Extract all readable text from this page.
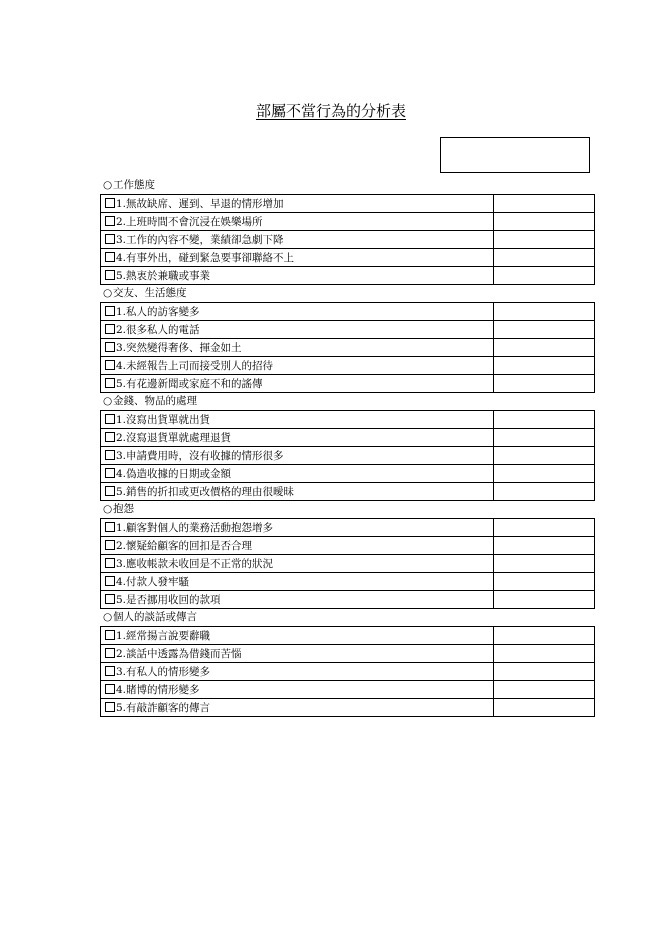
部屬不當行為的分析表
○工作態度
1.無故缺席、遲到、早退的情形增加	
2.上班時間不會沉浸在娛樂場所	
3.工作的內容不變，業績卻急劇下降	
4.有事外出，碰到緊急要事卻聯絡不上	
5.熱衷於兼職或事業	
○交友、生活態度
1.私人的訪客變多	
2.很多私人的電話	
3.突然變得奢侈、揮金如土	
4.未經報告上司而接受別人的招待	
5.有花邊新聞或家庭不和的謠傳	
○金錢、物品的處理
1.沒寫出貨單就出貨	
2.沒寫退貨單就處理退貨	
3.申請費用時，沒有收據的情形很多	
4.偽造收據的日期或金額	
5.銷售的折扣或更改價格的理由很曖昧	
○抱怨
1.顧客對個人的業務活動抱怨增多	
2.懷疑給顧客的回扣是否合理	
3.應收帳款未收回是不正常的狀況	
4.付款人發牢騷	
5.是否挪用收回的款項	
○個人的談話或傳言
1.經常揚言說要辭職	
2.談話中透露為借錢而苦惱	
3.有私人的情形變多	
4.賭博的情形變多	
5.有敲詐顧客的傳言	
